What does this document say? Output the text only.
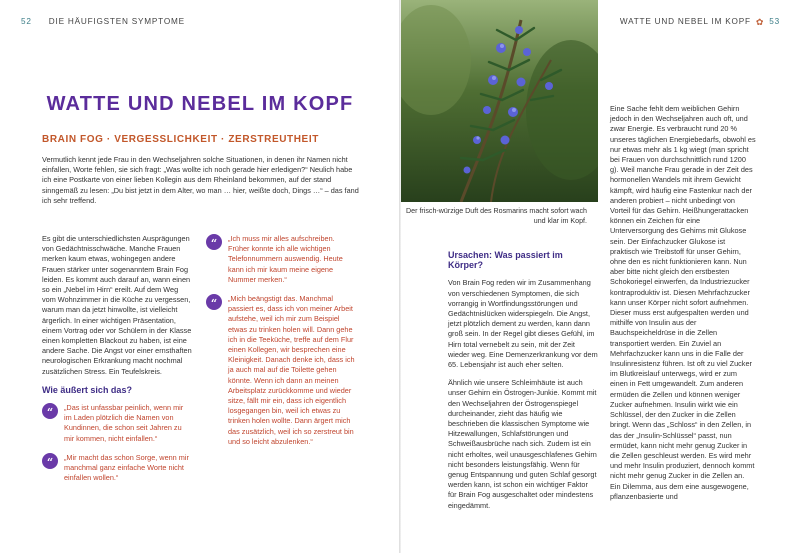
52 DIE HÄUFIGSTEN SYMPTOME	WATTE UND NEBEL IM KOPF ✿ 53
WATTE UND NEBEL IM KOPF
BRAIN FOG · VERGESSLICHKEIT · ZERSTREUTHEIT
Vermutlich kennt jede Frau in den Wechseljahren solche Situationen, in denen ihr Namen nicht einfallen, Worte fehlen, sie sich fragt: „Was wollte ich noch gerade hier erledigen?“ Neulich habe ich eine Postkarte von einer lieben Kollegin aus dem Rheinland bekommen, auf der stand sinngemäß zu lesen: „Du bist jetzt in dem Alter, wo man … hier, weißte doch, Dings …“ – das fand ich sehr treffend.

Es gibt die unterschiedlichsten Ausprägungen von Gedächtnisschwäche. Manche Frauen merken kaum etwas, wohingegen andere Frauen stärker unter sogenanntem Brain Fog leiden. Es kommt auch darauf an, wann einen so ein „Nebel im Hirn“ ereilt. Auf dem Weg vom Wohnzimmer in die Küche zu vergessen, warum man da jetzt hinwollte, ist vielleicht ärgerlich. In einer wichtigen Präsentation, einem Vortrag oder vor Schülern in der Klasse einen kompletten Blackout zu haben, ist eine andere Sache. Die Angst vor einer ernsthaften neurologischen Erkrankung macht nochmal zusätzlichen Stress. Ein Teufelskreis.

Wie äußert sich das?
“	„Das ist unfassbar peinlich, wenn mir im Laden plötzlich die Namen von Kundinnen, die schon seit Jahren zu mir kommen, nicht einfallen.“
“	„Mir macht das schon Sorge, wenn mir manchmal ganz einfache Worte nicht einfallen wollen.“
“	„Ich muss mir alles aufschreiben. Früher konnte ich alle wichtigen Telefonnummern auswendig. Heute kann ich mir kaum meine eigene Nummer merken.“
“	„Mich beängstigt das. Manchmal passiert es, dass ich von meiner Arbeit aufstehe, weil ich mir zum Beispiel etwas zu trinken holen will. Dann gehe ich in die Teeküche, treffe auf dem Flur einen Kollegen, wir besprechen eine Kleinigkeit. Danach denke ich, dass ich ja auch mal auf die Toilette gehen könnte. Wenn ich dann an meinen Arbeitsplatz zurückkomme und wieder sitze, fällt mir ein, dass ich eigentlich losgegangen bin, weil ich etwas zu trinken holen wollte. Dann ärgert mich das zusätzlich, weil ich so zerstreut bin und so leicht abzulenken.“
Der frisch-würzige Duft des Rosmarins macht sofort wach und klar im Kopf.
Ursachen: Was passiert im Körper?

Von Brain Fog reden wir im Zusammenhang von verschiedenen Symptomen, die sich vorrangig in Wortfindungsstörungen und Gedächtnislücken widerspiegeln. Die Angst, jetzt plötzlich dement zu werden, kann dann groß sein. In der Regel gibt dieses Gefühl, im Hirn total vernebelt zu sein, mit der Zeit wieder weg. Eine Demenzerkrankung vor dem 65. Lebensjahr ist auch eher selten.

Ähnlich wie unsere Schleimhäute ist auch unser Gehirn ein Östrogen-Junkie. Kommt mit den Wechseljahren der Östrogenspiegel durcheinander, zieht das häufig wie beschrieben die klassischen Symptome wie Hitzewallungen, Schlafstörungen und Schweißausbrüche nach sich. Zudem ist ein nicht erholtes, weil unausgeschlafenes Gehirn nicht besonders leistungsfähig. Wenn für genug Entspannung und guten Schlaf gesorgt werden kann, ist schon ein wichtiger Faktor für Brain Fog ausgeschaltet oder mindestens eingedämmt.

Eine Sache fehlt dem weiblichen Gehirn jedoch in den Wechseljahren auch oft, und zwar Energie. Es verbraucht rund 20 % unseres täglichen Energiebedarfs, obwohl es nur etwas mehr als 1 kg wiegt (man spricht bei Frauen von durchschnittlich rund 1200 g). Weil manche Frau gerade in der Zeit des hormonellen Wandels mit ihrem Gewicht kämpft, wird häufig eine Fastenkur nach der anderen probiert – nicht unbedingt von Vorteil für das Gehirn. Heißhungerattacken können ein Zeichen für eine Unterversorgung des Gehirns mit Glukose sein. Der Einfachzucker Glukose ist praktisch wie Treibstoff für unser Gehirn, ohne den es nicht funktionieren kann. Nun aber bitte nicht gleich den erstbesten Schokoriegel einwerfen, da Industriezucker kontraproduktiv ist. Diesen Mehrfachzucker kann unser Körper nicht sofort aufnehmen. Dieser muss erst aufgespalten werden und mithilfe von Insulin aus der Bauchspeicheldrüse in die Zellen transportiert werden. Ein Zuviel an Mehrfachzucker kann uns in die Falle der Insulinresistenz führen. Ist oft zu viel Zucker im Blutkreislauf unterwegs, wird er zum einen in Fett umgewandelt. Zum anderen ermüden die Zellen und können weniger Zucker aufnehmen. Insulin wirkt wie ein Schlüssel, der den Zucker in die Zellen bringt. Wenn das „Schloss“ in den Zellen, in das der „Insulin-Schlüssel“ passt, nun ermüdet, kann nicht mehr genug Zucker in die Zellen geschleust werden. Es wird mehr und mehr Insulin produziert, dennoch kommt nicht mehr genug Zucker in die Zellen an. Ein Dilemma, aus dem eine ausgewogene, pflanzenbasierte und
